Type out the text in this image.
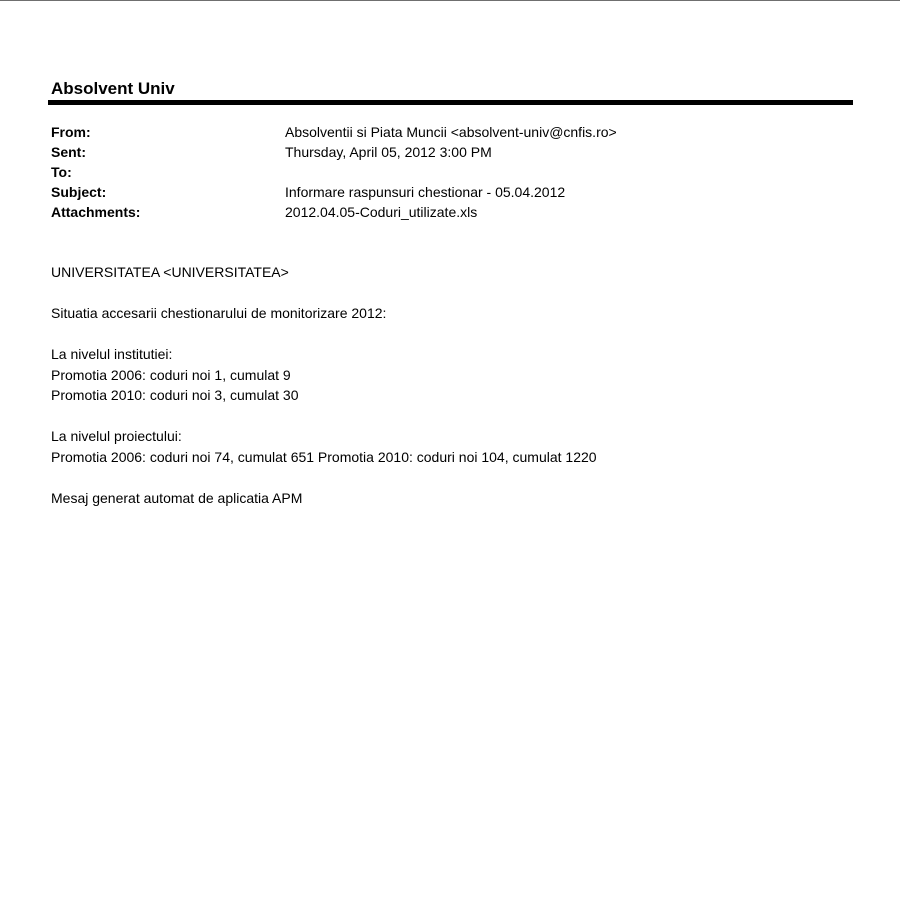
Absolvent Univ
From:	Absolventii si Piata Muncii <absolvent-univ@cnfis.ro>
Sent:	Thursday, April 05, 2012 3:00 PM
To:
Subject:	Informare raspunsuri chestionar - 05.04.2012
Attachments:	2012.04.05-Coduri_utilizate.xls

UNIVERSITATEA <UNIVERSITATEA>

Situatia accesarii chestionarului de monitorizare 2012:

La nivelul institutiei:

Promotia 2006: coduri noi 1, cumulat 9

Promotia 2010: coduri noi 3, cumulat 30

La nivelul proiectului:

Promotia 2006: coduri noi 74, cumulat 651 Promotia 2010: coduri noi 104, cumulat 1220

Mesaj generat automat de aplicatia APM
